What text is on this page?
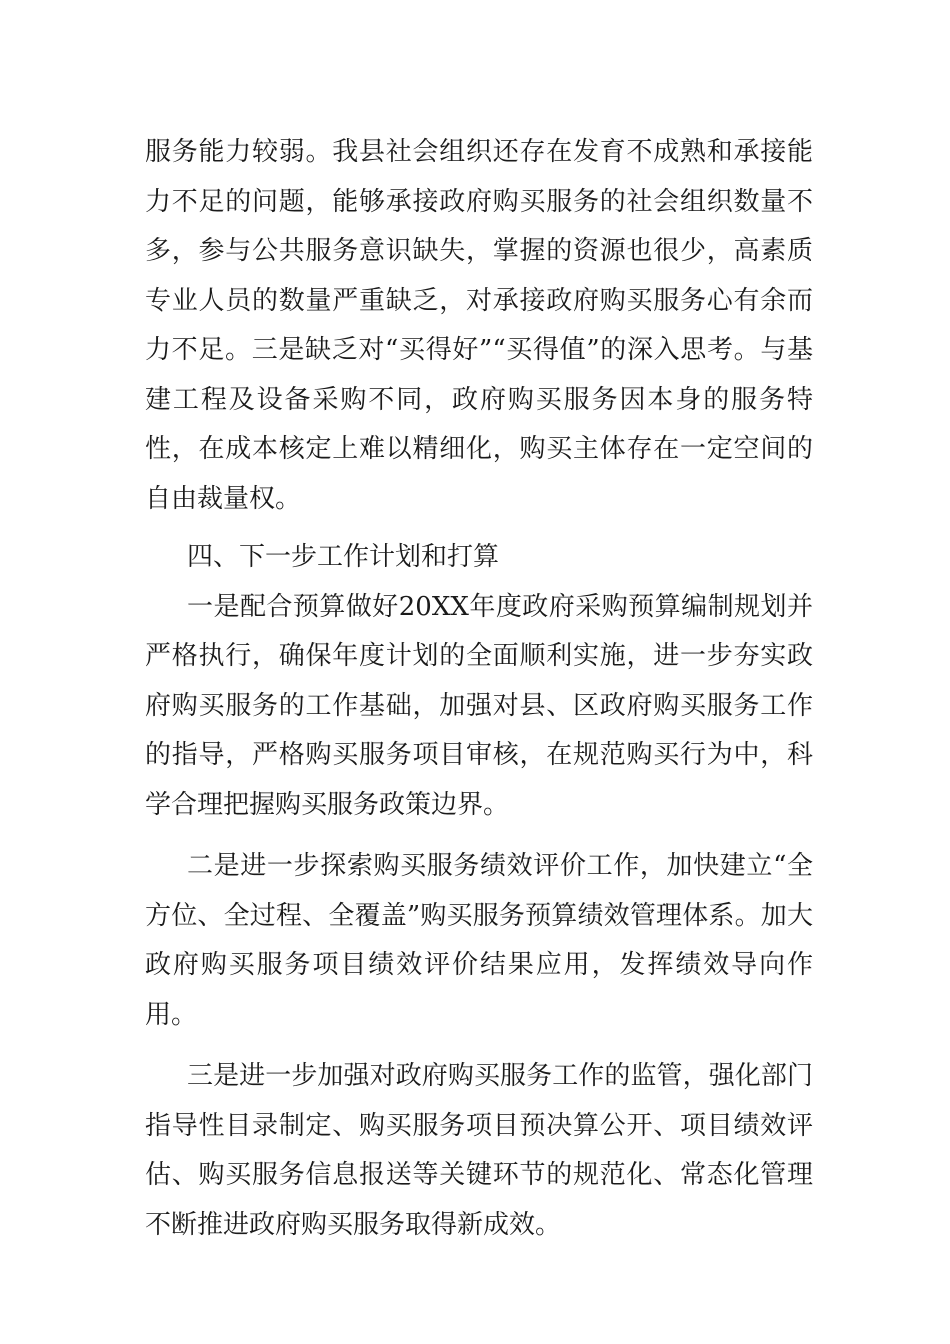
服务能力较弱。我县社会组织还存在发育不成熟和承接能力不足的问题，能够承接政府购买服务的社会组织数量不多，参与公共服务意识缺失，掌握的资源也很少，高素质专业人员的数量严重缺乏，对承接政府购买服务心有余而力不足。三是缺乏对“买得好”“买得值”的深入思考。与基建工程及设备采购不同，政府购买服务因本身的服务特性，在成本核定上难以精细化，购买主体存在一定空间的自由裁量权。

四、下一步工作计划和打算

一是配合预算做好20XX年度政府采购预算编制规划并严格执行，确保年度计划的全面顺利实施，进一步夯实政府购买服务的工作基础，加强对县、区政府购买服务工作的指导，严格购买服务项目审核，在规范购买行为中，科学合理把握购买服务政策边界。

二是进一步探索购买服务绩效评价工作，加快建立“全方位、全过程、全覆盖”购买服务预算绩效管理体系。加大政府购买服务项目绩效评价结果应用，发挥绩效导向作用。

三是进一步加强对政府购买服务工作的监管，强化部门指导性目录制定、购买服务项目预决算公开、项目绩效评估、购买服务信息报送等关键环节的规范化、常态化管理不断推进政府购买服务取得新成效。
